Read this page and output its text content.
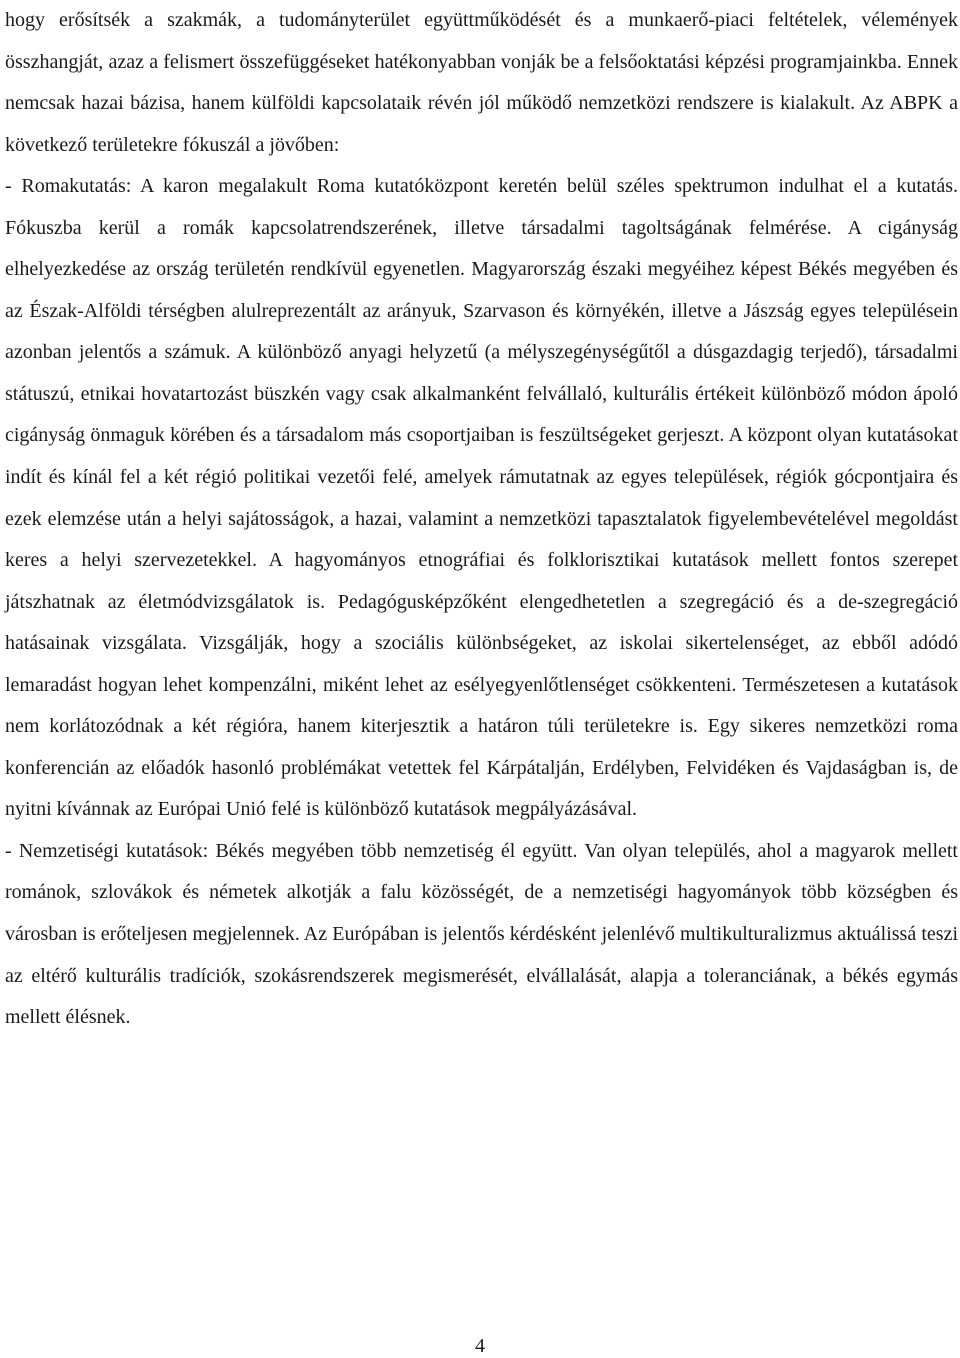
hogy erősítsék a szakmák, a tudományterület együttműködését és a munkaerő-piaci feltételek, vélemények összhangját, azaz a felismert összefüggéseket hatékonyabban vonják be a felsőoktatási képzési programjainkba. Ennek nemcsak hazai bázisa, hanem külföldi kapcsolataik révén jól működő nemzetközi rendszere is kialakult. Az ABPK a következő területekre fókuszál a jövőben:

- Romakutatás: A karon megalakult Roma kutatóközpont keretén belül széles spektrumon indulhat el a kutatás. Fókuszba kerül a romák kapcsolatrendszerének, illetve társadalmi tagoltságának felmérése. A cigányság elhelyezkedése az ország területén rendkívül egyenetlen. Magyarország északi megyéihez képest Békés megyében és az Észak-Alföldi térségben alulreprezentált az arányuk, Szarvason és környékén, illetve a Jászság egyes településein azonban jelentős a számuk. A különböző anyagi helyzetű (a mélyszegénységűtől a dúsgazdagig terjedő), társadalmi státuszú, etnikai hovatartozást büszkén vagy csak alkalmanként felvállaló, kulturális értékeit különböző módon ápoló cigányság önmaguk körében és a társadalom más csoportjaiban is feszültségeket gerjeszt. A központ olyan kutatásokat indít és kínál fel a két régió politikai vezetői felé, amelyek rámutatnak az egyes települések, régiók gócpontjaira és ezek elemzése után a helyi sajátosságok, a hazai, valamint a nemzetközi tapasztalatok figyelembevételével megoldást keres a helyi szervezetekkel. A hagyományos etnográfiai és folklorisztikai kutatások mellett fontos szerepet játszhatnak az életmódvizsgálatok is. Pedagógusképzőként elengedhetetlen a szegregáció és a de-szegregáció hatásainak vizsgálata. Vizsgálják, hogy a szociális különbségeket, az iskolai sikertelenséget, az ebből adódó lemaradást hogyan lehet kompenzálni, miként lehet az esélyegyenlőtlenséget csökkenteni. Természetesen a kutatások nem korlátozódnak a két régióra, hanem kiterjesztik a határon túli területekre is. Egy sikeres nemzetközi roma konferencián az előadók hasonló problémákat vetettek fel Kárpátalján, Erdélyben, Felvidéken és Vajdaságban is, de nyitni kívánnak az Európai Unió felé is különböző kutatások megpályázásával.

- Nemzetiségi kutatások: Békés megyében több nemzetiség él együtt. Van olyan település, ahol a magyarok mellett románok, szlovákok és németek alkotják a falu közösségét, de a nemzetiségi hagyományok több községben és városban is erőteljesen megjelennek. Az Európában is jelentős kérdésként jelenlévő multikulturalizmus aktuálissá teszi az eltérő kulturális tradíciók, szokásrendszerek megismerését, elvállalását, alapja a toleranciának, a békés egymás mellett élésnek.

4
